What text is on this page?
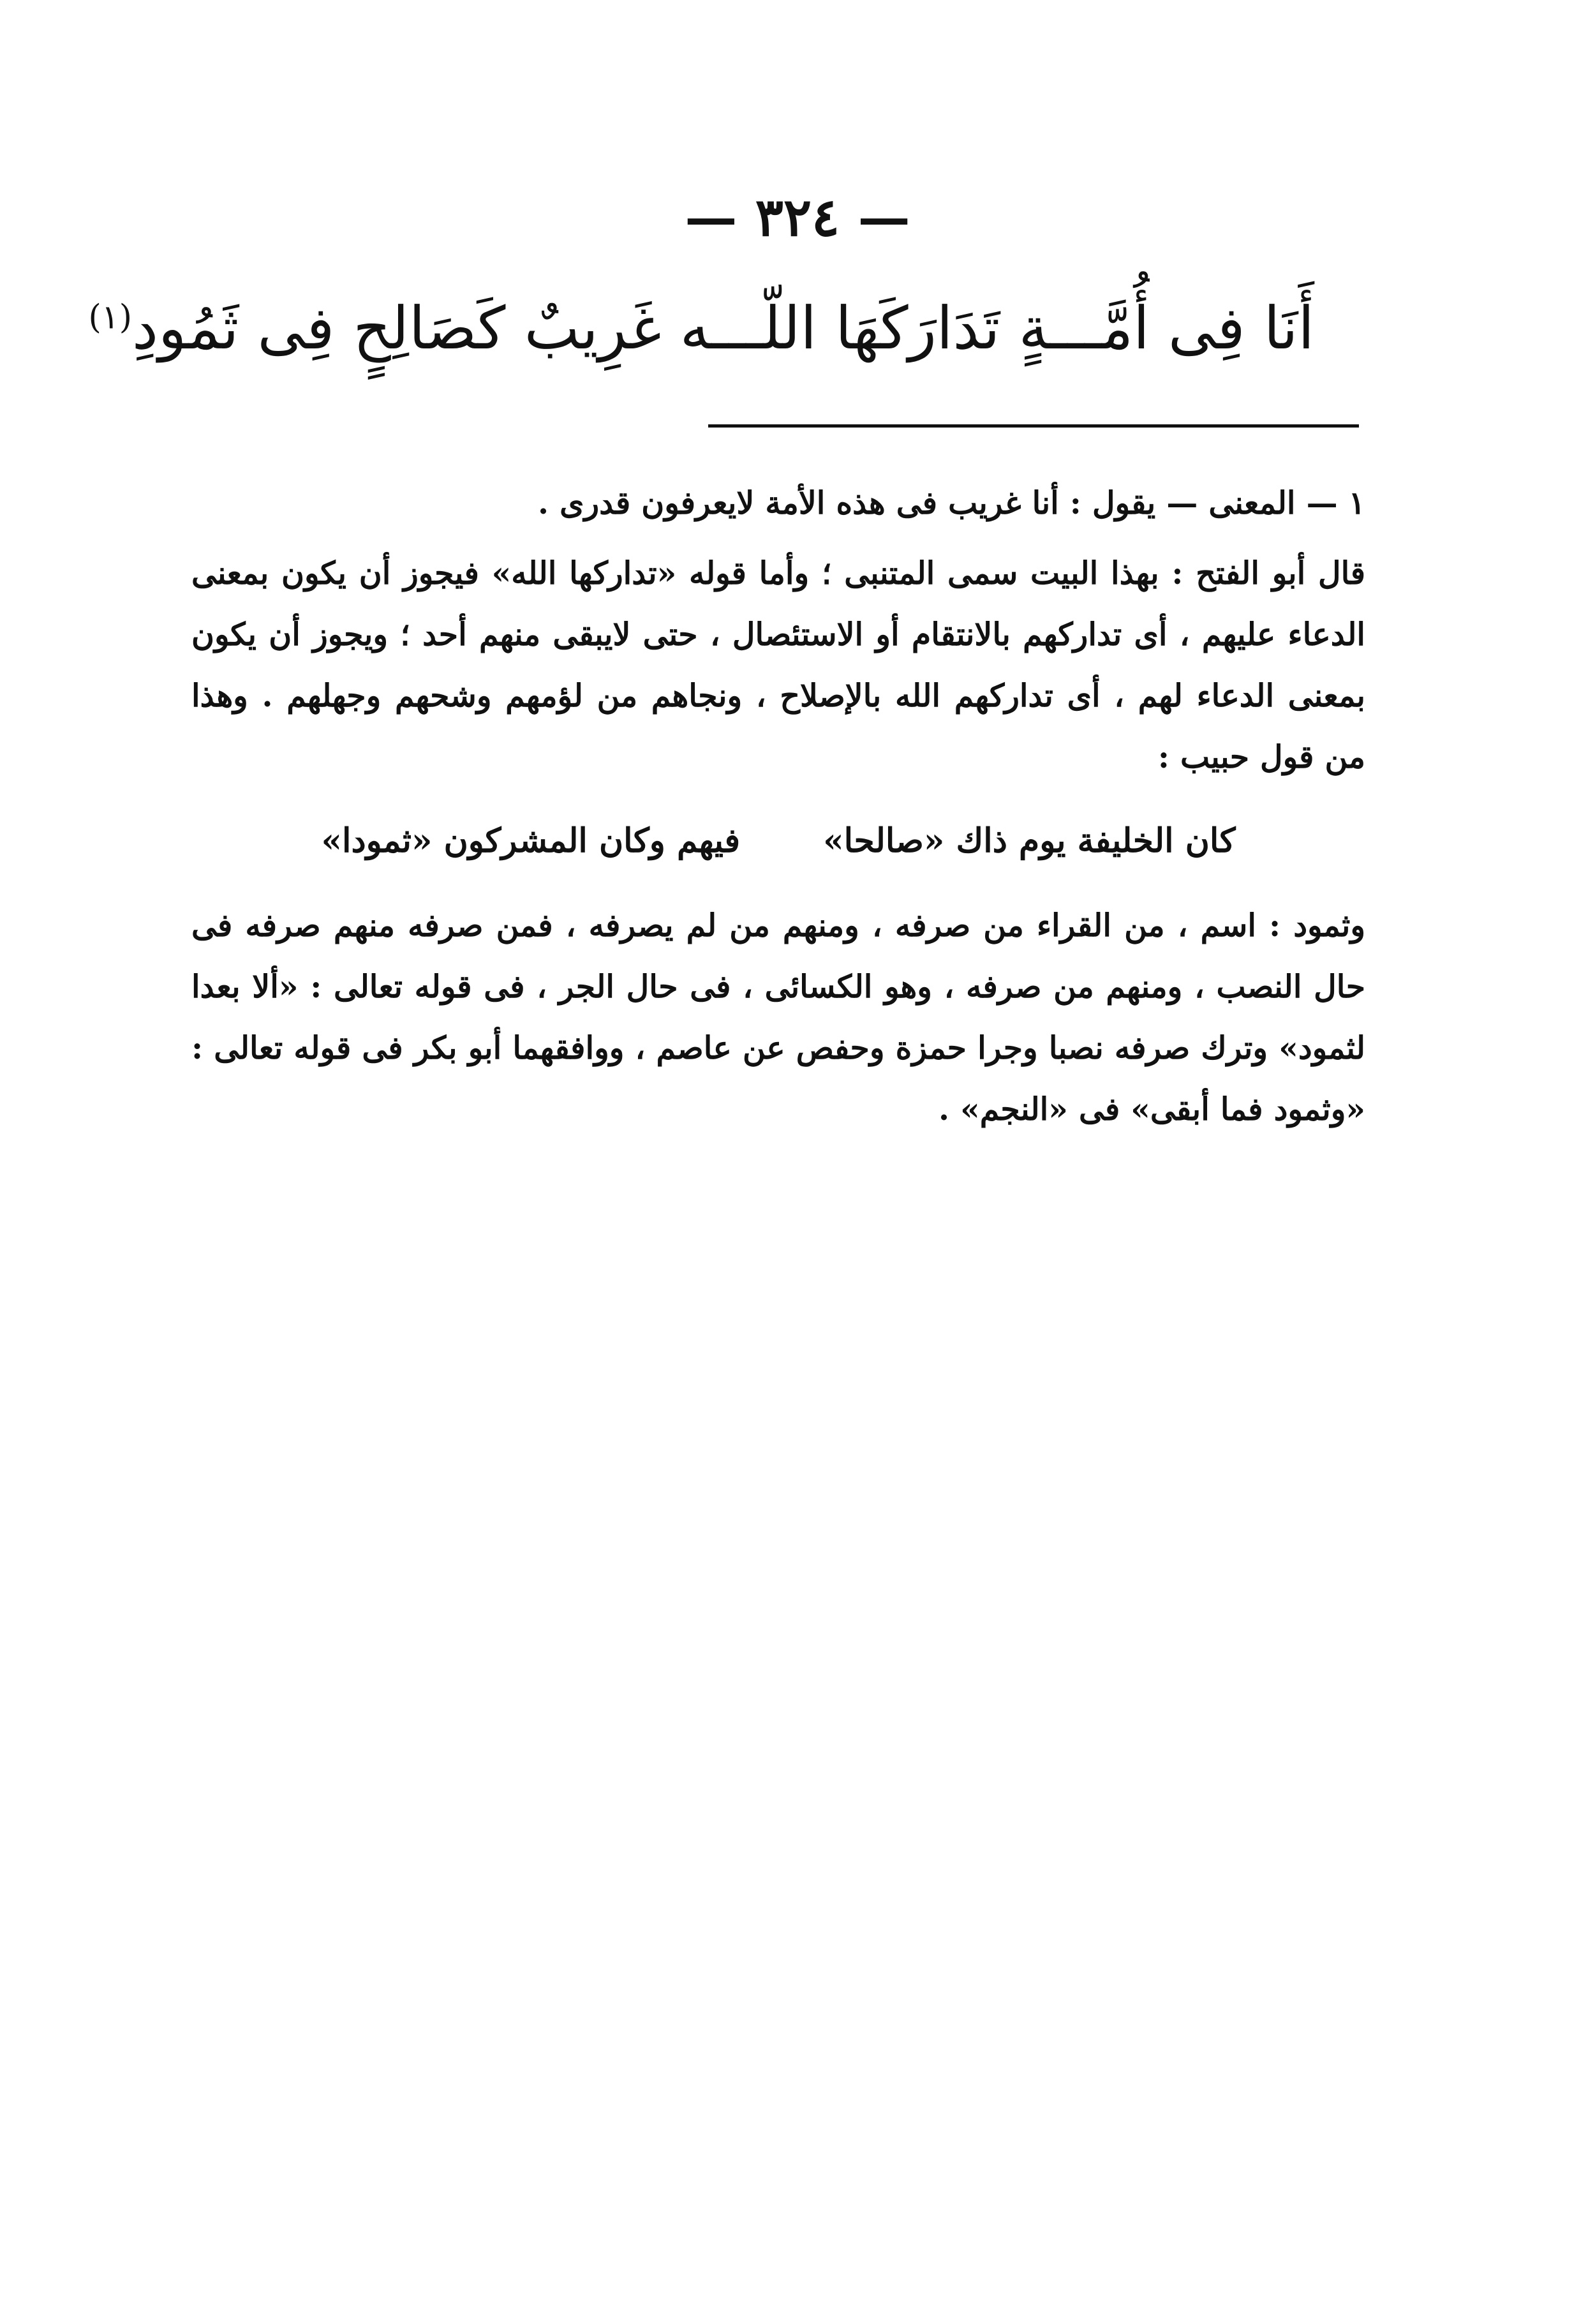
— ٣٢٤ —
أَنَا فِى أُمَّـــةٍ تَدَارَكَهَا اللّـــه غَرِيبٌ كَصَالِحٍ فِى ثَمُودِ$^{(١)}$

١ — المعنى — يقول : أنا غريب فى هذه الأمة لايعرفون قدرى .

قال أبو الفتح : بهذا البيت سمى المتنبى ؛ وأما قوله «تداركها الله» فيجوز أن يكون بمعنى الدعاء عليهم ، أى تداركهم بالانتقام أو الاستئصال ، حتى لايبقى منهم أحد ؛ ويجوز أن يكون بمعنى الدعاء لهم ، أى تداركهم الله بالإصلاح ، ونجاهم من لؤمهم وشحهم وجهلهم . وهذا من قول حبيب :

كان الخليفة يوم ذاك «صالحا»
فيهم وكان المشركون «ثمودا»

وثمود : اسم ، من القراء من صرفه ، ومنهم من لم يصرفه ، فمن صرفه منهم صرفه فى حال النصب ، ومنهم من صرفه ، وهو الكسائى ، فى حال الجر ، فى قوله تعالى : «ألا بعدا لثمود» وترك صرفه نصبا وجرا حمزة وحفص عن عاصم ، ووافقهما أبو بكر فى قوله تعالى : «وثمود فما أبقى» فى «النجم» .
